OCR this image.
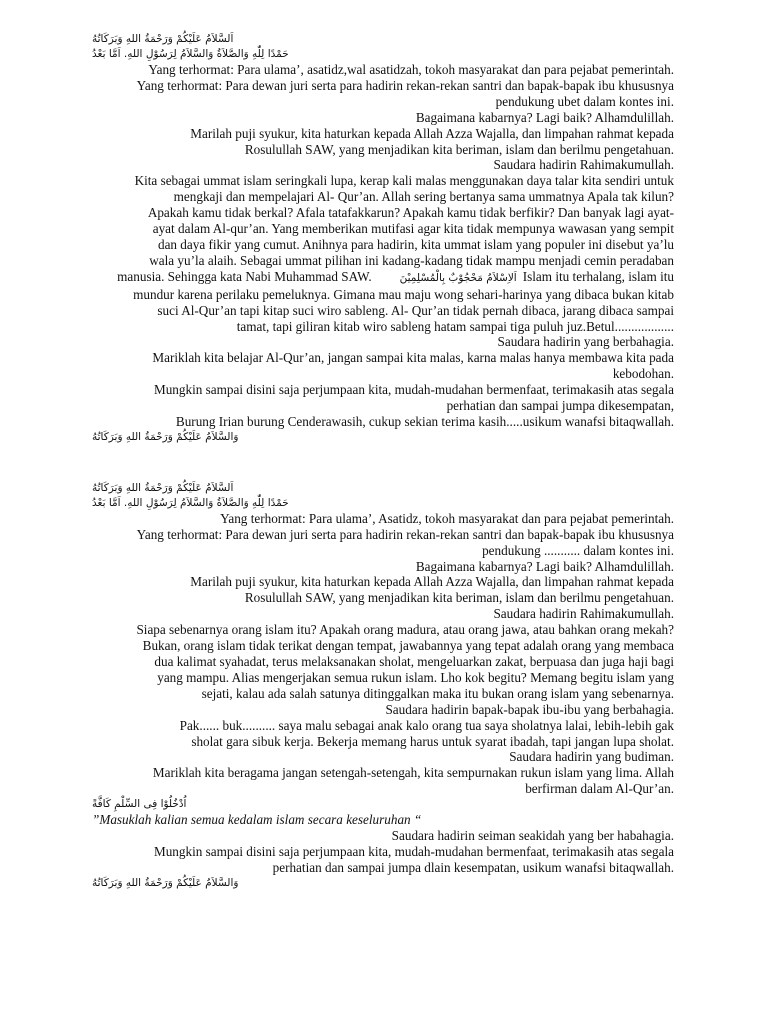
اَلسَّلاَمُ عَلَيْكُمْ وَرَحْمَةُ اللهِ وَبَرَكَاتُهُ
حَمْدًا لِلّٰهِ وَالصَّلاَةُ وَالسَّلاَمُ لِرَسُوْلِ اللهِ. اَمَّا بَعْدُ
Yang terhormat: Para ulama’, asatidz,wal asatidzah, tokoh masyarakat dan para pejabat pemerintah.
Yang terhormat: Para dewan juri serta para hadirin rekan-rekan santri dan bapak-bapak ibu khususnya
pendukung ubet dalam kontes ini.
Bagaimana kabarnya? Lagi baik? Alhamdulillah.
Marilah puji syukur, kita haturkan kepada Allah Azza Wajalla, dan limpahan rahmat kepada
Rosulullah SAW, yang menjadikan kita beriman, islam dan berilmu pengetahuan.
Saudara hadirin Rahimakumullah.
Kita sebagai ummat islam seringkali lupa, kerap kali malas menggunakan daya talar kita sendiri untuk
mengkaji dan mempelajari Al- Qur’an. Allah sering bertanya sama ummatnya Apala tak kilun?
Apakah kamu tidak berkal? Afala tatafakkarun? Apakah kamu tidak berfikir? Dan banyak lagi ayat-
ayat dalam Al-qur’an. Yang memberikan mutifasi agar kita tidak mempunya wawasan yang sempit
dan daya fikir yang cumut. Anihnya para hadirin, kita ummat islam yang populer ini disebut ya’lu
wala yu’la alaih. Sebagai ummat pilihan ini kadang-kadang tidak mampu menjadi cemin peradaban
manusia. Sehingga kata Nabi Muhammad SAW.	اَلاِسْلاَمُ مَحْجُوْبٌ بِالْمُسْلِمِيْنَ Islam itu terhalang, islam itu
mundur karena perilaku pemeluknya. Gimana mau maju wong sehari-harinya yang dibaca bukan kitab
suci Al-Qur’an tapi kitap suci wiro sableng. Al- Qur’an tidak pernah dibaca, jarang dibaca sampai
tamat, tapi giliran kitab wiro sableng hatam sampai tiga puluh juz.Betul..................
Saudara hadirin yang berbahagia.
Mariklah kita belajar Al-Qur’an, jangan sampai kita malas, karna malas hanya membawa kita pada
kebodohan.
Mungkin sampai disini saja perjumpaan kita, mudah-mudahan bermenfaat, terimakasih atas segala
perhatian dan sampai jumpa dikesempatan,
Burung Irian burung Cenderawasih, cukup sekian terima kasih.....usikum wanafsi bitaqwallah.
وَالسَّلاَمُ عَلَيْكُمْ وَرَحْمَةُ اللهِ وَبَرَكَاتُهُ
اَلسَّلاَمُ عَلَيْكُمْ وَرَحْمَةُ اللهِ وَبَرَكَاتُهُ
حَمْدًا لِلّٰهِ وَالصَّلاَةُ وَالسَّلاَمُ لِرَسُوْلِ اللهِ. اَمَّا بَعْدُ
Yang terhormat: Para ulama’, Asatidz, tokoh masyarakat dan para pejabat pemerintah.
Yang terhormat: Para dewan juri serta para hadirin rekan-rekan santri dan bapak-bapak ibu khususnya
pendukung ........... dalam kontes ini.
Bagaimana kabarnya? Lagi baik? Alhamdulillah.
Marilah puji syukur, kita haturkan kepada Allah Azza Wajalla, dan limpahan rahmat kepada
Rosulullah SAW, yang menjadikan kita beriman, islam dan berilmu pengetahuan.
Saudara hadirin Rahimakumullah.
Siapa sebenarnya orang islam itu? Apakah orang madura, atau orang jawa, atau bahkan orang mekah?
Bukan, orang islam tidak terikat dengan tempat, jawabannya yang tepat adalah orang yang membaca
dua kalimat syahadat, terus melaksanakan sholat, mengeluarkan zakat, berpuasa dan juga haji bagi
yang mampu. Alias mengerjakan semua rukun islam. Lho kok begitu? Memang begitu islam yang
sejati, kalau ada salah satunya ditinggalkan maka itu bukan orang islam yang sebenarnya.
Saudara hadirin bapak-bapak ibu-ibu yang berbahagia.
Pak...... buk.......... saya malu sebagai anak kalo orang tua saya sholatnya lalai, lebih-lebih gak
sholat gara sibuk kerja. Bekerja memang harus untuk syarat ibadah, tapi jangan lupa sholat.
Saudara hadirin yang budiman.
Mariklah kita beragama jangan setengah-setengah, kita sempurnakan rukun islam yang lima. Allah
berfirman dalam Al-Qur’an.
اُدْخُلُوْا فِى السِّلْمِ كَافَّةً
”Masuklah kalian semua kedalam islam secara keseluruhan “
Saudara hadirin seiman seakidah yang ber habahagia.
Mungkin sampai disini saja perjumpaan kita, mudah-mudahan bermenfaat, terimakasih atas segala
perhatian dan sampai jumpa dlain kesempatan, usikum wanafsi bitaqwallah.
وَالسَّلاَمُ عَلَيْكُمْ وَرَحْمَةُ اللهِ وَبَرَكَاتُهُ
